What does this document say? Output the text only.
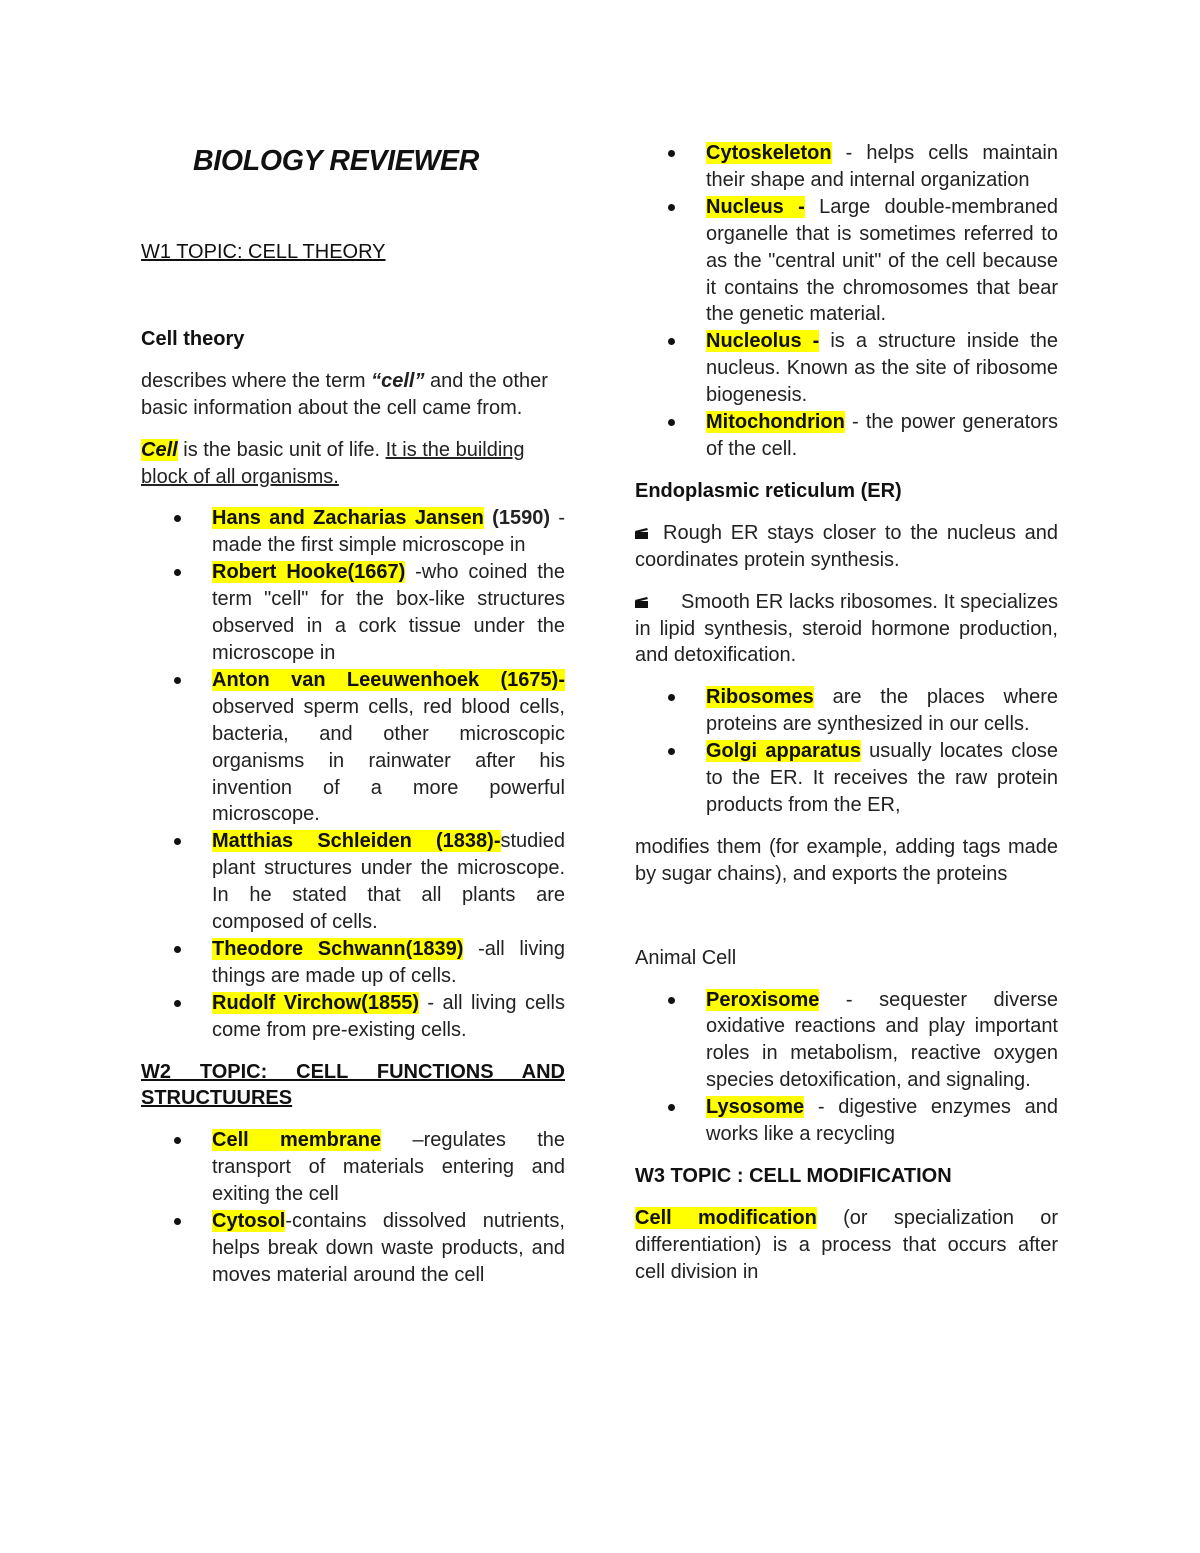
BIOLOGY REVIEWER

W1 TOPIC: CELL THEORY

Cell theory

describes where the term “cell” and the other basic information about the cell came from.

Cell is the basic unit of life. It is the building block of all organisms.

Hans and Zacharias Jansen (1590) - made the first simple microscope in
Robert Hooke(1667) -who coined the term "cell" for the box-like structures observed in a cork tissue under the microscope in
Anton van Leeuwenhoek (1675)- observed sperm cells, red blood cells, bacteria, and other microscopic organisms in rainwater after his invention of a more powerful microscope.
Matthias Schleiden (1838)-studied plant structures under the microscope. In he stated that all plants are composed of cells.
Theodore Schwann(1839) -all living things are made up of cells.
Rudolf Virchow(1855) - all living cells come from pre-existing cells.

W2 TOPIC: CELL FUNCTIONS AND STRUCTUURES

Cell membrane –regulates the transport of materials entering and exiting the cell
Cytosol-contains dissolved nutrients, helps break down waste products, and moves material around the cell
Cytoskeleton - helps cells maintain their shape and internal organization
Nucleus - Large double-membraned organelle that is sometimes referred to as the "central unit" of the cell because it contains the chromosomes that bear the genetic material.
Nucleolus - is a structure inside the nucleus. Known as the site of ribosome biogenesis.
Mitochondrion - the power generators of the cell.

Endoplasmic reticulum (ER)

Rough ER stays closer to the nucleus and coordinates protein synthesis.

Smooth ER lacks ribosomes. It specializes in lipid synthesis, steroid hormone production, and detoxification.

Ribosomes are the places where proteins are synthesized in our cells.
Golgi apparatus usually locates close to the ER. It receives the raw protein products from the ER,

modifies them (for example, adding tags made by sugar chains), and exports the proteins

Animal Cell

Peroxisome - sequester diverse oxidative reactions and play important roles in metabolism, reactive oxygen species detoxification, and signaling.
Lysosome - digestive enzymes and works like a recycling

W3 TOPIC : CELL MODIFICATION

Cell modification (or specialization or differentiation) is a process that occurs after cell division in
